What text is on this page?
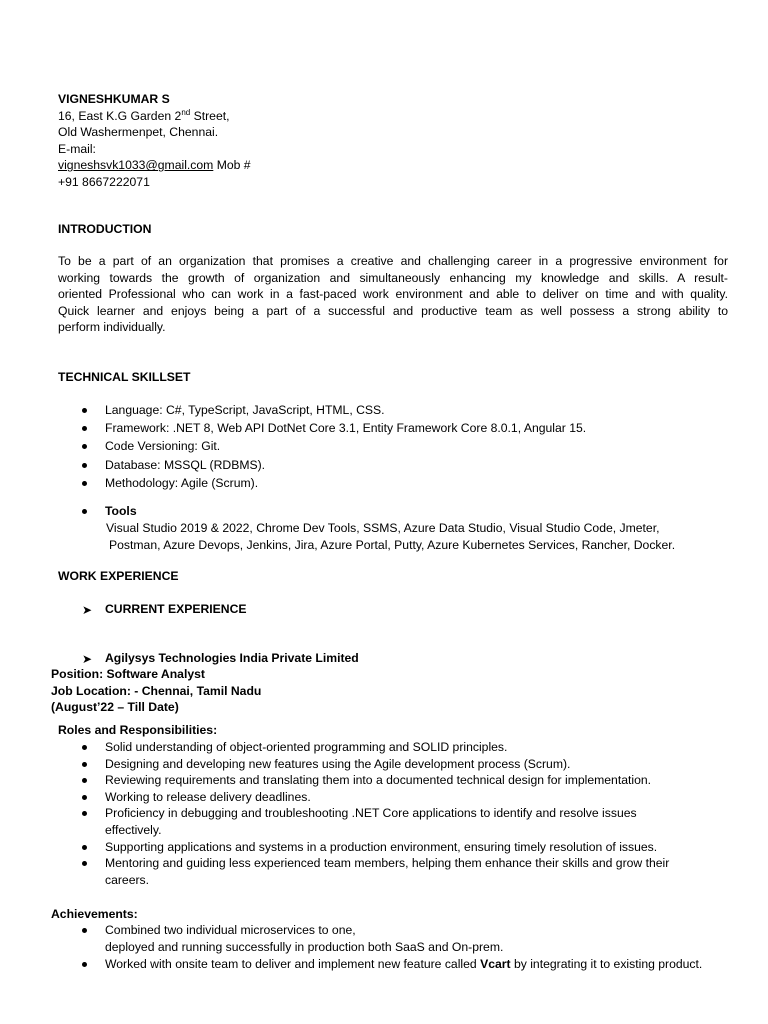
VIGNESHKUMAR S
16, East K.G Garden 2nd Street,
Old Washermenpet, Chennai.
E-mail:
vigneshsvk1033@gmail.com Mob #
+91 8667222071
INTRODUCTION
To be a part of an organization that promises a creative and challenging career in a progressive environment for
working towards the growth of organization and simultaneously enhancing my knowledge and skills. A result-
oriented Professional who can work in a fast-paced work environment and able to deliver on time and with quality.
Quick learner and enjoys being a part of a successful and productive team as well possess a strong ability to
perform individually.
TECHNICAL SKILLSET
Language: C#, TypeScript, JavaScript, HTML, CSS.
Framework: .NET 8, Web API DotNet Core 3.1, Entity Framework Core 8.0.1, Angular 15.
Code Versioning: Git.
Database: MSSQL (RDBMS).
Methodology: Agile (Scrum).
Tools
Visual Studio 2019 & 2022, Chrome Dev Tools, SSMS, Azure Data Studio, Visual Studio Code, Jmeter,
Postman, Azure Devops, Jenkins, Jira, Azure Portal, Putty, Azure Kubernetes Services, Rancher, Docker.
WORK EXPERIENCE
➤ CURRENT EXPERIENCE
➤ Agilysys Technologies India Private Limited
Position: Software Analyst
Job Location: - Chennai, Tamil Nadu
(August’22 – Till Date)
Roles and Responsibilities:
Solid understanding of object-oriented programming and SOLID principles.
Designing and developing new features using the Agile development process (Scrum).
Reviewing requirements and translating them into a documented technical design for implementation.
Working to release delivery deadlines.
Proficiency in debugging and troubleshooting .NET Core applications to identify and resolve issues effectively.
Supporting applications and systems in a production environment, ensuring timely resolution of issues.
Mentoring and guiding less experienced team members, helping them enhance their skills and grow their careers.
Achievements:
Combined two individual microservices to one,
deployed and running successfully in production both SaaS and On-prem.
Worked with onsite team to deliver and implement new feature called Vcart by integrating it to existing product.
